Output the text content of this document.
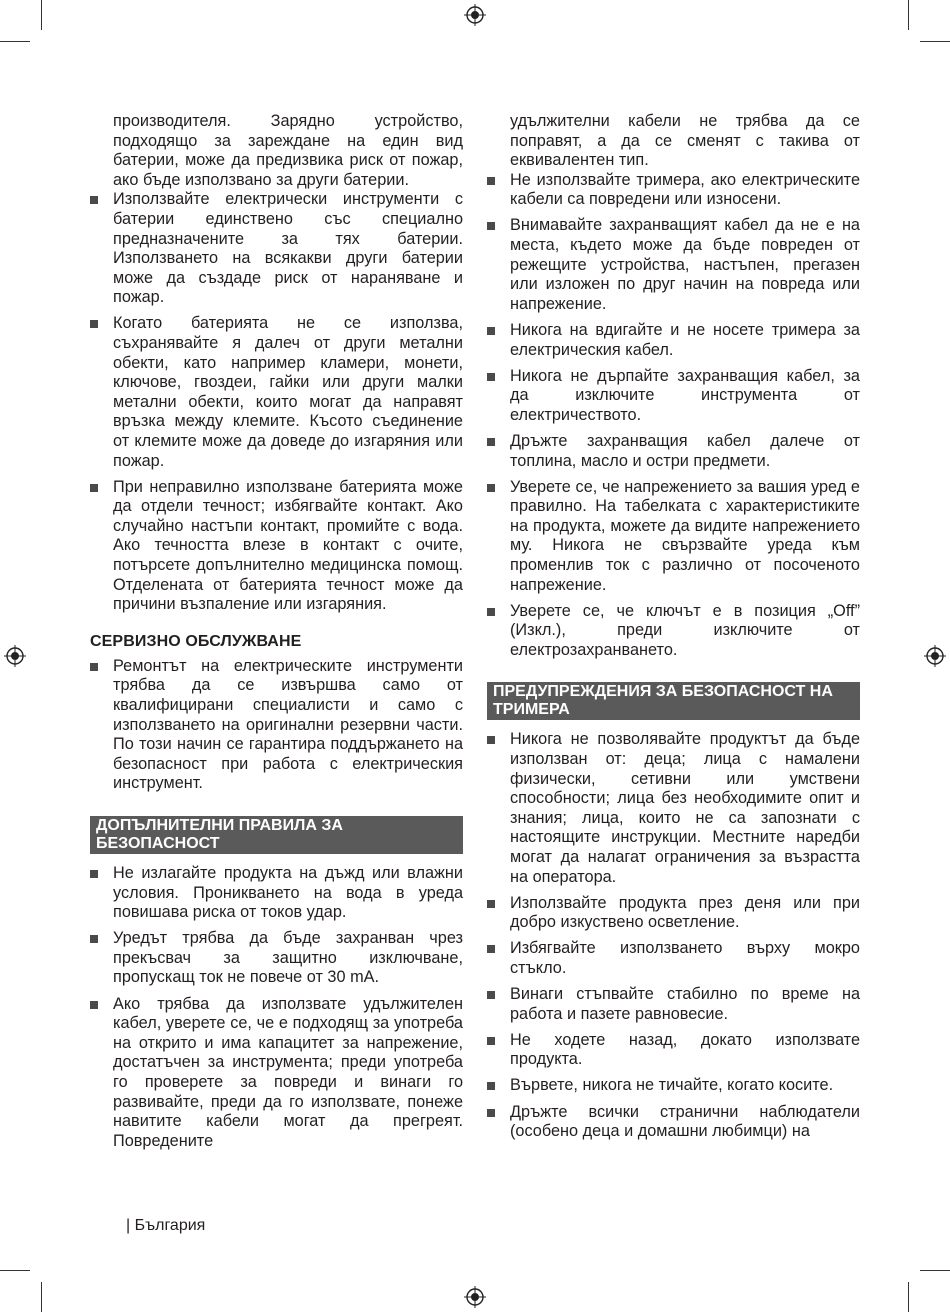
производителя. Зарядно устройство, подходящо за зареждане на един вид батерии, може да предизвика риск от пожар, ако бъде използвано за други батерии.

Използвайте електрически инструменти с батерии единствено със специално предназначените за тях батерии. Използването на всякакви други батерии може да създаде риск от нараняване и пожар.
Когато батерията не се използва, съхранявайте я далеч от други метални обекти, като например кламери, монети, ключове, гвоздеи, гайки или други малки метални обекти, които могат да направят връзка между клемите. Късото съединение от клемите може да доведе до изгаряния или пожар.
При неправилно използване батерията може да отдели течност; избягвайте контакт. Ако случайно настъпи контакт, промийте с вода. Ако течността влезе в контакт с очите, потърсете допълнително медицинска помощ. Отделената от батерията течност може да причини възпаление или изгаряния.
СЕРВИЗНО ОБСЛУЖВАНЕ
Ремонтът на електрическите инструменти трябва да се извършва само от квалифицирани специалисти и само с използването на оригинални резервни части. По този начин се гарантира поддържането на безопасност при работа с електрическия инструмент.
ДОПЪЛНИТЕЛНИ ПРАВИЛА ЗА БЕЗОПАСНОСТ
Не излагайте продукта на дъжд или влажни условия. Проникването на вода в уреда повишава риска от токов удар.
Уредът трябва да бъде захранван чрез прекъсвач за защитно изключване, пропускащ ток не повече от 30 mA.
Ако трябва да използвате удължителен кабел, уверете се, че е подходящ за употреба на открито и има капацитет за напрежение, достатъчен за инструмента; преди употреба го проверете за повреди и винаги го развивайте, преди да го използвате, понеже навитите кабели могат да прегреят. Повредените

удължителни кабели не трябва да се поправят, а да се сменят с такива от еквивалентен тип.

Не използвайте тримера, ако електрическите кабели са повредени или износени.
Внимавайте захранващият кабел да не е на места, където може да бъде повреден от режещите устройства, настъпен, прегазен или изложен по друг начин на повреда или напрежение.
Никога на вдигайте и не носете тримера за електрическия кабел.
Никога не дърпайте захранващия кабел, за да изключите инструмента от електричеството.
Дръжте захранващия кабел далече от топлина, масло и остри предмети.
Уверете се, че напрежението за вашия уред е правилно. На табелката с характеристиките на продукта, можете да видите напрежението му. Никога не свързвайте уреда към променлив ток с различно от посоченото напрежение.
Уверете се, че ключът е в позиция „Off” (Изкл.), преди изключите от електрозахранването.
ПРЕДУПРЕЖДЕНИЯ ЗА БЕЗОПАСНОСТ НА ТРИМЕРА
Никога не позволявайте продуктът да бъде използван от: деца; лица с намалени физически, сетивни или умствени способности; лица без необходимите опит и знания; лица, които не са запознати с настоящите инструкции. Местните наредби могат да налагат ограничения за възрастта на оператора.
Използвайте продукта през деня или при добро изкуствено осветление.
Избягвайте използването върху мокро стъкло.
Винаги стъпвайте стабилно по време на работа и пазете равновесие.
Не ходете назад, докато използвате продукта.
Вървете, никога не тичайте, когато косите.
Дръжте всички странични наблюдатели (особено деца и домашни любимци) на
| България
